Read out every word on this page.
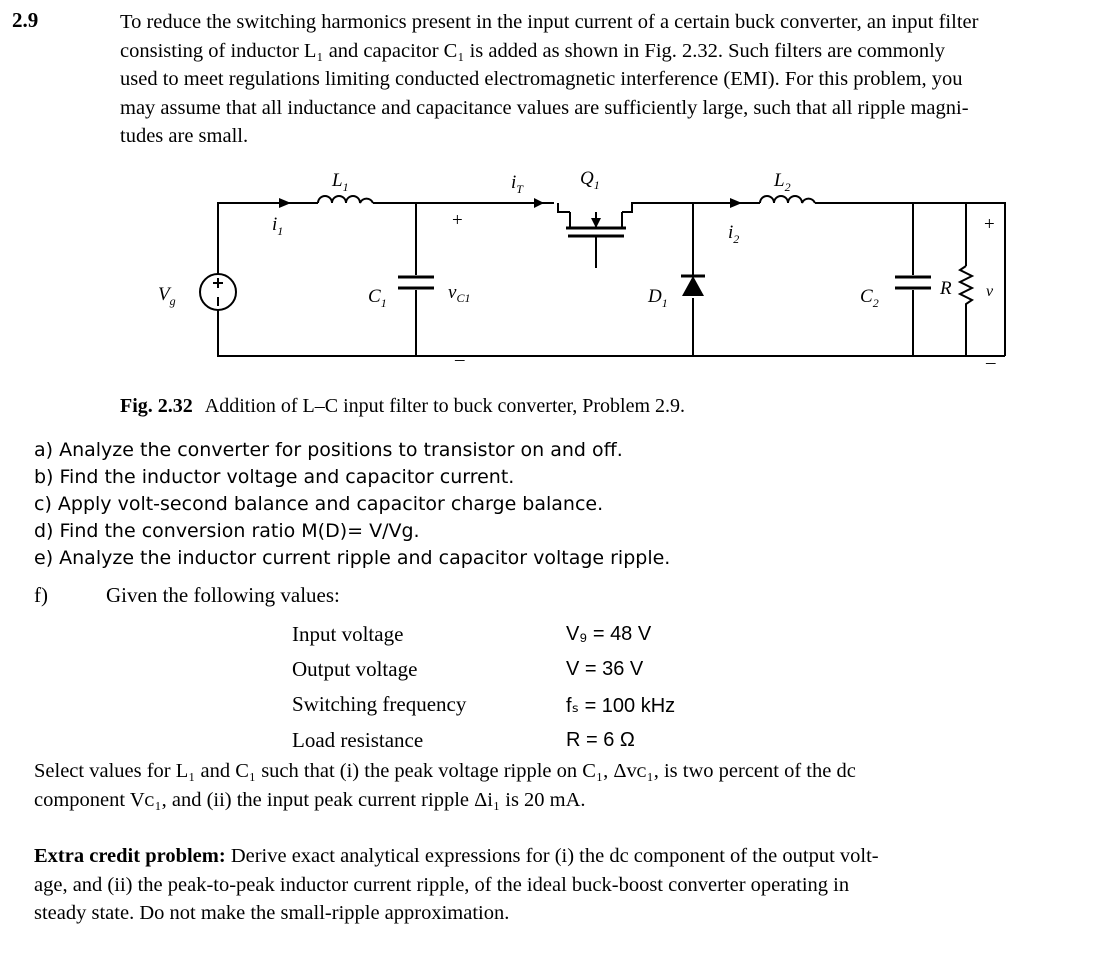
2.9	To reduce the switching harmonics present in the input current of a certain buck converter, an input filter

consisting of inductor L₁ and capacitor C₁ is added as shown in Fig. 2.32. Such filters are commonly

used to meet regulations limiting conducted electromagnetic interference (EMI). For this problem, you

may assume that all inductance and capacitance values are sufficiently large, such that all ripple magni-

tudes are small.

$V_g$
$L_1$
$i_1$
$C_1$
+
$v_{C1}$
–
$i_T$	$Q_1$
$D_1$
$i_2$
$L_2$
$C_2$
R
+
v
–
Fig. 2.32 Addition of L–C input filter to buck converter, Problem 2.9.
a) Analyze the converter for positions to transistor on and off.
b) Find the inductor voltage and capacitor current.
c) Apply volt-second balance and capacitor charge balance.
d) Find the conversion ratio M(D)= V/Vg.
e) Analyze the inductor current ripple and capacitor voltage ripple.
f)	Given the following values:
Input voltage	V₉ = 48 V
Output voltage	V = 36 V
Switching frequency	fₛ = 100 kHz
Load resistance	R = 6 Ω

Select values for L₁ and C₁ such that (i) the peak voltage ripple on C₁, Δvᴄ₁, is two percent of the dc

component Vᴄ₁, and (ii) the input peak current ripple Δi₁ is 20 mA.

Extra credit problem: Derive exact analytical expressions for (i) the dc component of the output volt-

age, and (ii) the peak-to-peak inductor current ripple, of the ideal buck-boost converter operating in

steady state. Do not make the small-ripple approximation.
